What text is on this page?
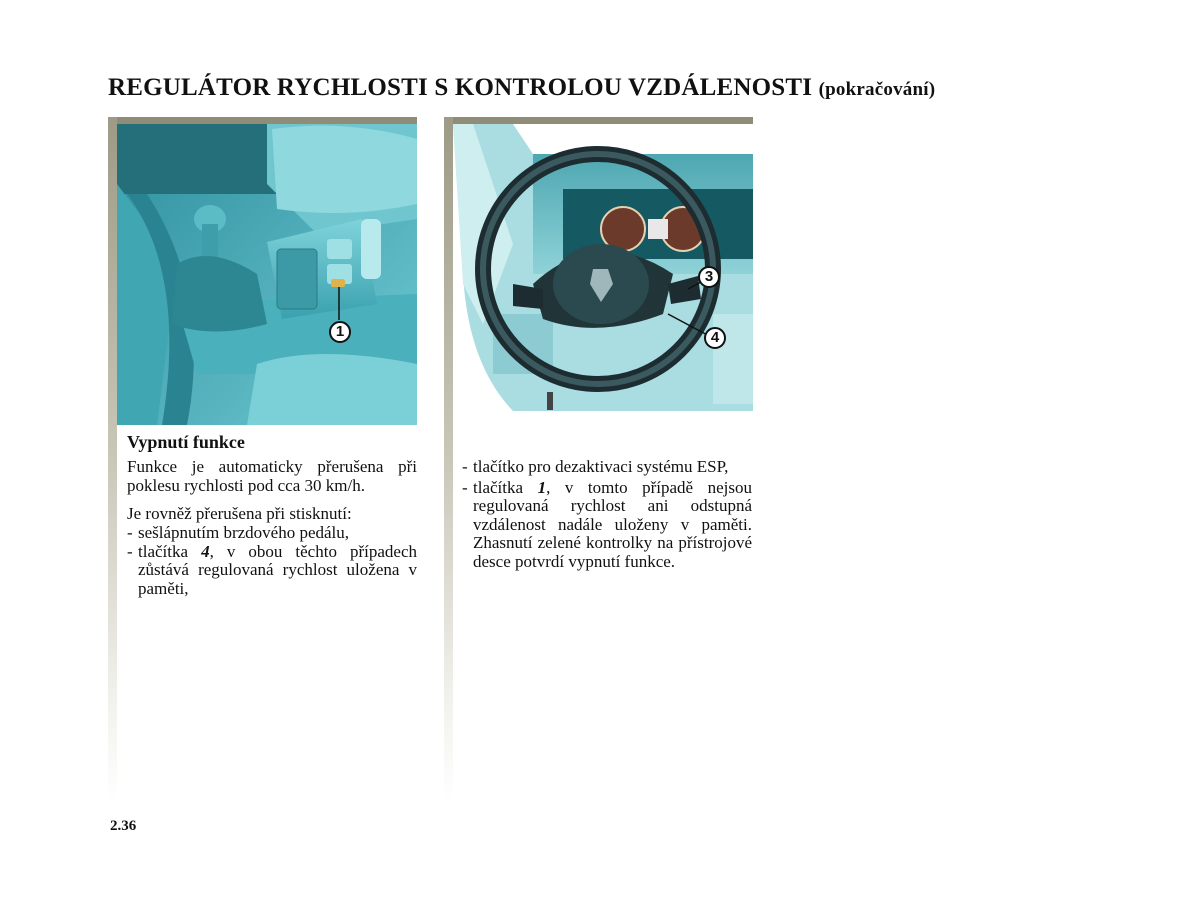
REGULÁTOR RYCHLOSTI S KONTROLOU VZDÁLENOSTI (pokračování)
1
3
4
Vypnutí funkce
Funkce je automaticky přerušena při poklesu rychlosti pod cca 30 km/h.
Je rovněž přerušena při stisknutí:
- sešlápnutím brzdového pedálu,
- tlačítka 4, v obou těchto případech zůstává regulovaná rychlost uložena v paměti,
- tlačítko pro dezaktivaci systému ESP,
- tlačítka 1, v tomto případě nejsou regulovaná rychlost ani odstupná vzdálenost nadále uloženy v paměti. Zhasnutí zelené kontrolky na přístrojové desce potvrdí vypnutí funkce.
2.36
